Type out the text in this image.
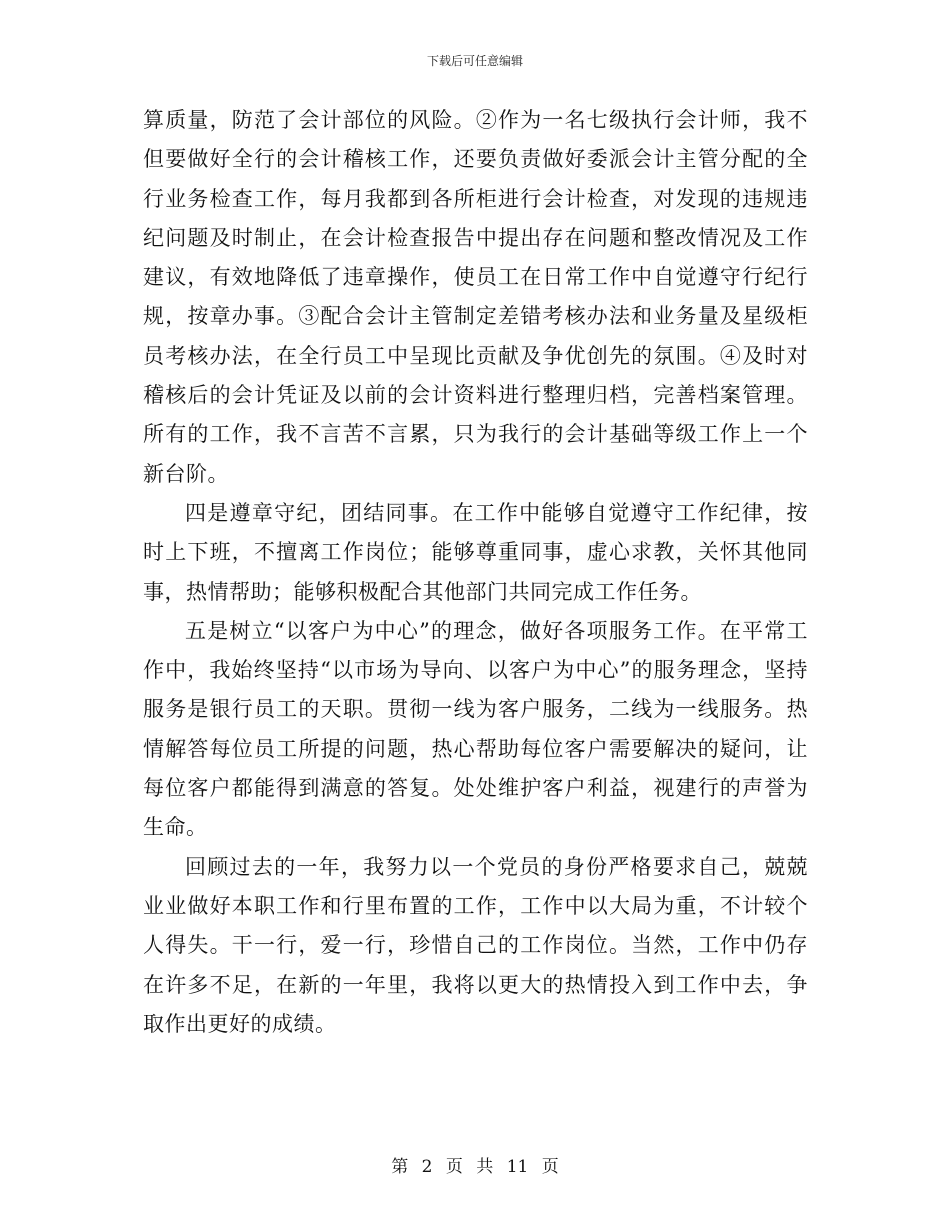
下载后可任意编辑

算质量，防范了会计部位的风险。②作为一名七级执行会计师，我不但要做好全行的会计稽核工作，还要负责做好委派会计主管分配的全行业务检查工作，每月我都到各所柜进行会计检查，对发现的违规违纪问题及时制止，在会计检查报告中提出存在问题和整改情况及工作建议，有效地降低了违章操作，使员工在日常工作中自觉遵守行纪行规，按章办事。③配合会计主管制定差错考核办法和业务量及星级柜员考核办法，在全行员工中呈现比贡献及争优创先的氛围。④及时对稽核后的会计凭证及以前的会计资料进行整理归档，完善档案管理。所有的工作，我不言苦不言累，只为我行的会计基础等级工作上一个新台阶。

四是遵章守纪，团结同事。在工作中能够自觉遵守工作纪律，按时上下班，不擅离工作岗位；能够尊重同事，虚心求教，关怀其他同事，热情帮助；能够积极配合其他部门共同完成工作任务。

五是树立“以客户为中心”的理念，做好各项服务工作。在平常工作中，我始终坚持“以市场为导向、以客户为中心”的服务理念，坚持服务是银行员工的天职。贯彻一线为客户服务，二线为一线服务。热情解答每位员工所提的问题，热心帮助每位客户需要解决的疑问，让每位客户都能得到满意的答复。处处维护客户利益，视建行的声誉为生命。

回顾过去的一年，我努力以一个党员的身份严格要求自己，兢兢业业做好本职工作和行里布置的工作，工作中以大局为重，不计较个人得失。干一行，爱一行，珍惜自己的工作岗位。当然，工作中仍存在许多不足，在新的一年里，我将以更大的热情投入到工作中去，争取作出更好的成绩。

第 2 页 共 11 页
